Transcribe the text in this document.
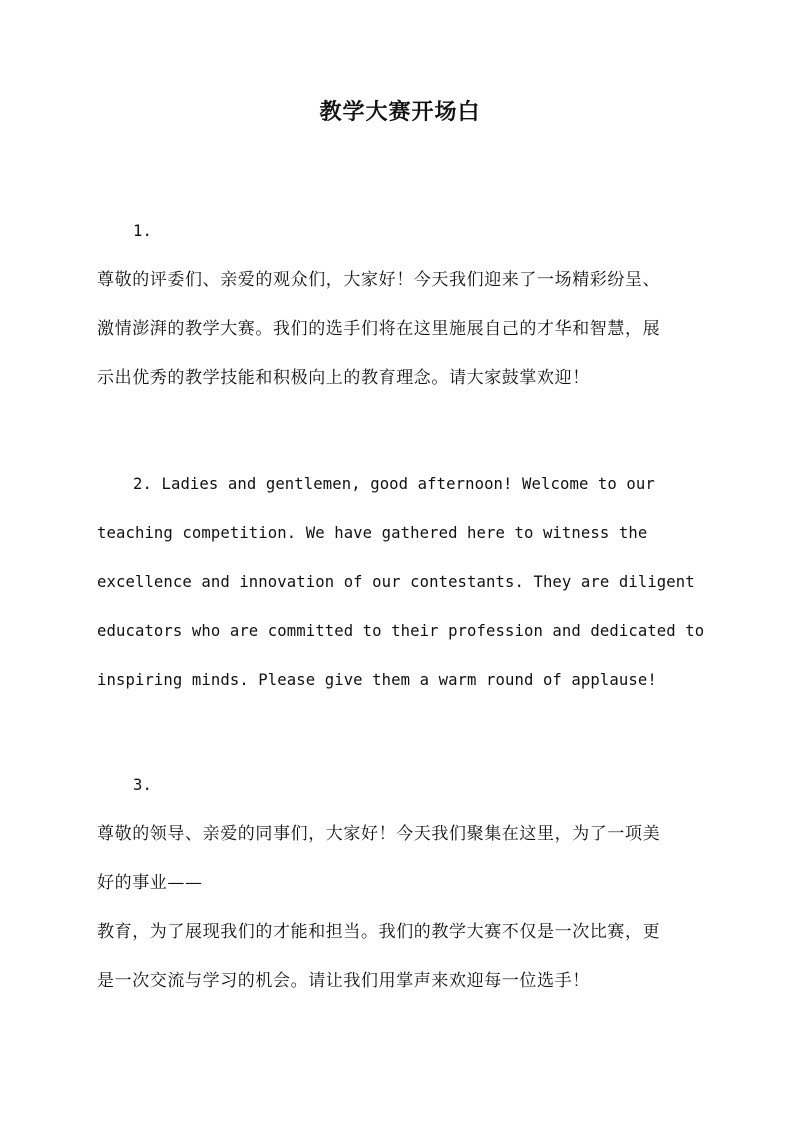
教学大赛开场白
1.
尊敬的评委们、亲爱的观众们，大家好！今天我们迎来了一场精彩纷呈、
激情澎湃的教学大赛。我们的选手们将在这里施展自己的才华和智慧，展
示出优秀的教学技能和积极向上的教育理念。请大家鼓掌欢迎！
2. Ladies and gentlemen, good afternoon! Welcome to our
teaching competition. We have gathered here to witness the
excellence and innovation of our contestants. They are diligent
educators who are committed to their profession and dedicated to
inspiring minds. Please give them a warm round of applause!
3.
尊敬的领导、亲爱的同事们，大家好！今天我们聚集在这里，为了一项美
好的事业——
教育，为了展现我们的才能和担当。我们的教学大赛不仅是一次比赛，更
是一次交流与学习的机会。请让我们用掌声来欢迎每一位选手！
